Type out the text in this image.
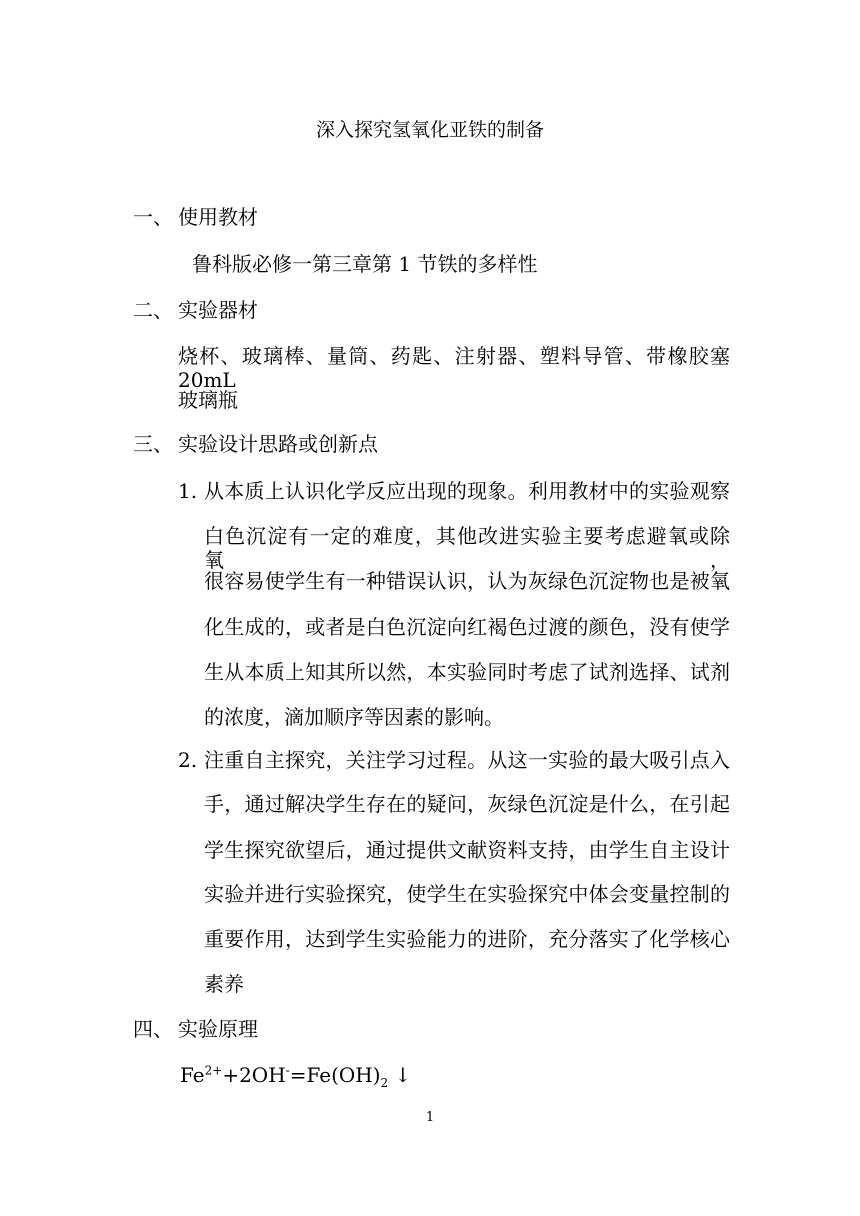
深入探究氢氧化亚铁的制备
一、 使用教材
鲁科版必修一第三章第 1 节铁的多样性
二、 实验器材
烧杯、玻璃棒、量筒、药匙、注射器、塑料导管、带橡胶塞 20mL
玻璃瓶
三、 实验设计思路或创新点
1. 从本质上认识化学反应出现的现象。利用教材中的实验观察
白色沉淀有一定的难度，其他改进实验主要考虑避氧或除氧，
很容易使学生有一种错误认识，认为灰绿色沉淀物也是被氧
化生成的，或者是白色沉淀向红褐色过渡的颜色，没有使学
生从本质上知其所以然，本实验同时考虑了试剂选择、试剂
的浓度，滴加顺序等因素的影响。
2. 注重自主探究，关注学习过程。从这一实验的最大吸引点入
手，通过解决学生存在的疑问，灰绿色沉淀是什么，在引起
学生探究欲望后，通过提供文献资料支持，由学生自主设计
实验并进行实验探究，使学生在实验探究中体会变量控制的
重要作用，达到学生实验能力的进阶，充分落实了化学核心
素养
四、 实验原理
$Fe^{2+}+2OH^-=Fe(OH)_2$ ↓
1
